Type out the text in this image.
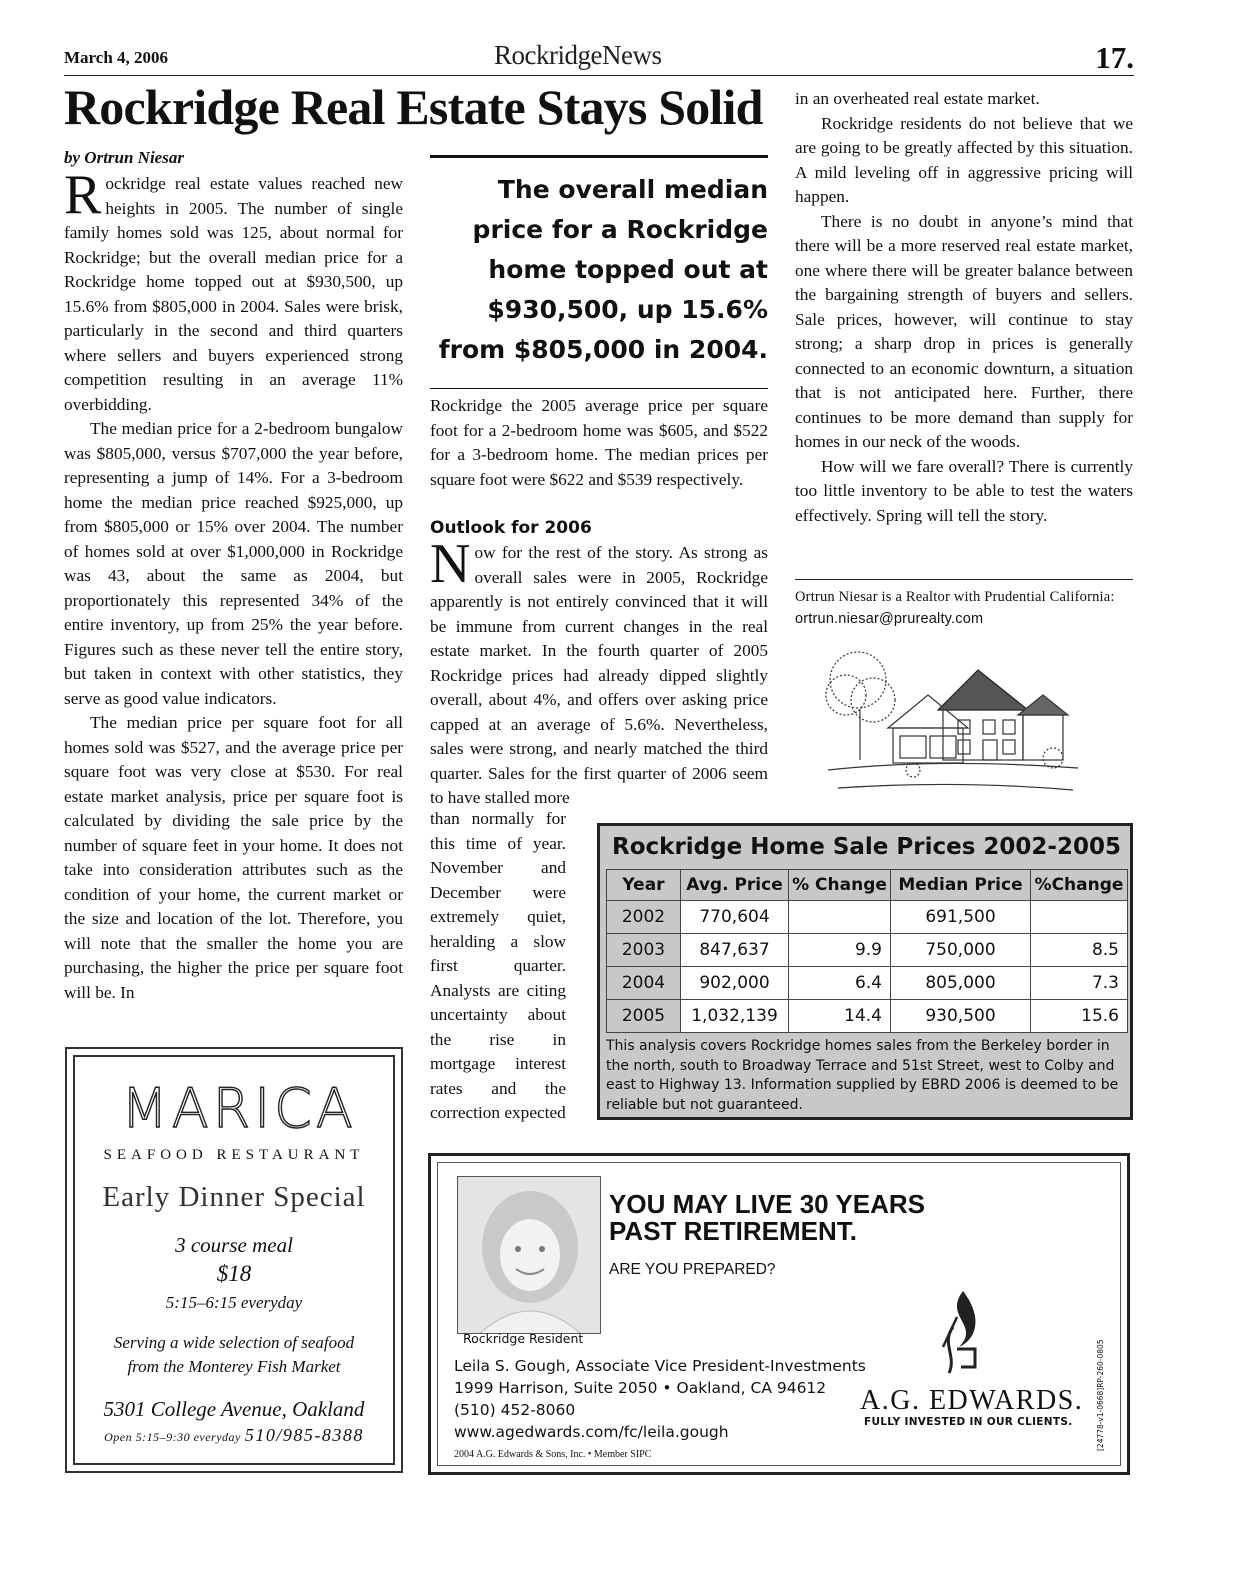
March 4, 2006	RockridgeNews	17.
Rockridge Real Estate Stays Solid
by Ortrun Niesar

Rockridge real estate values reached new heights in 2005. The number of single family homes sold was 125, about normal for Rockridge; but the overall median price for a Rockridge home topped out at $930,500, up 15.6% from $805,000 in 2004. Sales were brisk, particularly in the second and third quarters where sellers and buyers experienced strong competition resulting in an average 11% overbidding.

The median price for a 2-bedroom bungalow was $805,000, versus $707,000 the year before, representing a jump of 14%. For a 3-bedroom home the median price reached $925,000, up from $805,000 or 15% over 2004. The number of homes sold at over $1,000,000 in Rockridge was 43, about the same as 2004, but proportionately this represented 34% of the entire inventory, up from 25% the year before. Figures such as these never tell the entire story, but taken in context with other statistics, they serve as good value indicators.

The median price per square foot for all homes sold was $527, and the average price per square foot was very close at $530. For real estate market analysis, price per square foot is calculated by dividing the sale price by the number of square feet in your home. It does not take into consideration attributes such as the condition of your home, the current market or the size and location of the lot. Therefore, you will note that the smaller the home you are purchasing, the higher the price per square foot will be. In

The overall median price for a Rockridge home topped out at $930,500, up 15.6% from $805,000 in 2004.

Rockridge the 2005 average price per square foot for a 2-bedroom home was $605, and $522 for a 3-bedroom home. The median prices per square foot were $622 and $539 respectively.

Outlook for 2006

Now for the rest of the story. As strong as overall sales were in 2005, Rockridge apparently is not entirely convinced that it will be immune from current changes in the real estate market. In the fourth quarter of 2005 Rockridge prices had already dipped slightly overall, about 4%, and offers over asking price capped at an average of 5.6%. Nevertheless, sales were strong, and nearly matched the third quarter. Sales for the first quarter of 2006 seem to have stalled more

than normally for this time of year. November and December were extremely quiet, heralding a slow first quarter. Analysts are citing uncertainty about the rise in mortgage interest rates and the correction expected

in an overheated real estate market.

Rockridge residents do not believe that we are going to be greatly affected by this situation. A mild leveling off in aggressive pricing will happen.

There is no doubt in anyone’s mind that there will be a more reserved real estate market, one where there will be greater balance between the bargaining strength of buyers and sellers. Sale prices, however, will continue to stay strong; a sharp drop in prices is generally connected to an economic downturn, a situation that is not anticipated here. Further, there continues to be more demand than supply for homes in our neck of the woods.

How will we fare overall? There is currently too little inventory to be able to test the waters effectively. Spring will tell the story.

Ortrun Niesar is a Realtor with Prudential California: ortrun.niesar@prurealty.com
Rockridge Home Sale Prices 2002-2005
Year	Avg. Price	% Change	Median Price	%Change
2002	770,604		691,500	
2003	847,637	9.9	750,000	8.5
2004	902,000	6.4	805,000	7.3
2005	1,032,139	14.4	930,500	15.6
This analysis covers Rockridge homes sales from the Berkeley border in the north, south to Broadway Terrace and 51st Street, west to Colby and east to Highway 13. Information supplied by EBRD 2006 is deemed to be reliable but not guaranteed.
MARICA
SEAFOOD RESTAURANT
Early Dinner Special
3 course meal
$18
5:15–6:15 everyday
Serving a wide selection of seafood
from the Monterey Fish Market
5301 College Avenue, Oakland
Open 5:15–9:30 everyday 510/985-8388
Rockridge Resident
YOU MAY LIVE 30 YEARS
PAST RETIREMENT.
ARE YOU PREPARED?
Leila S. Gough, Associate Vice President-Investments
1999 Harrison, Suite 2050 • Oakland, CA 94612
(510) 452-8060
www.agedwards.com/fc/leila.gough
2004 A.G. Edwards & Sons, Inc. • Member SIPC
A.G. EDWARDS.
FULLY INVESTED IN OUR CLIENTS.	[24778-v1-0668]RP-260-0805
